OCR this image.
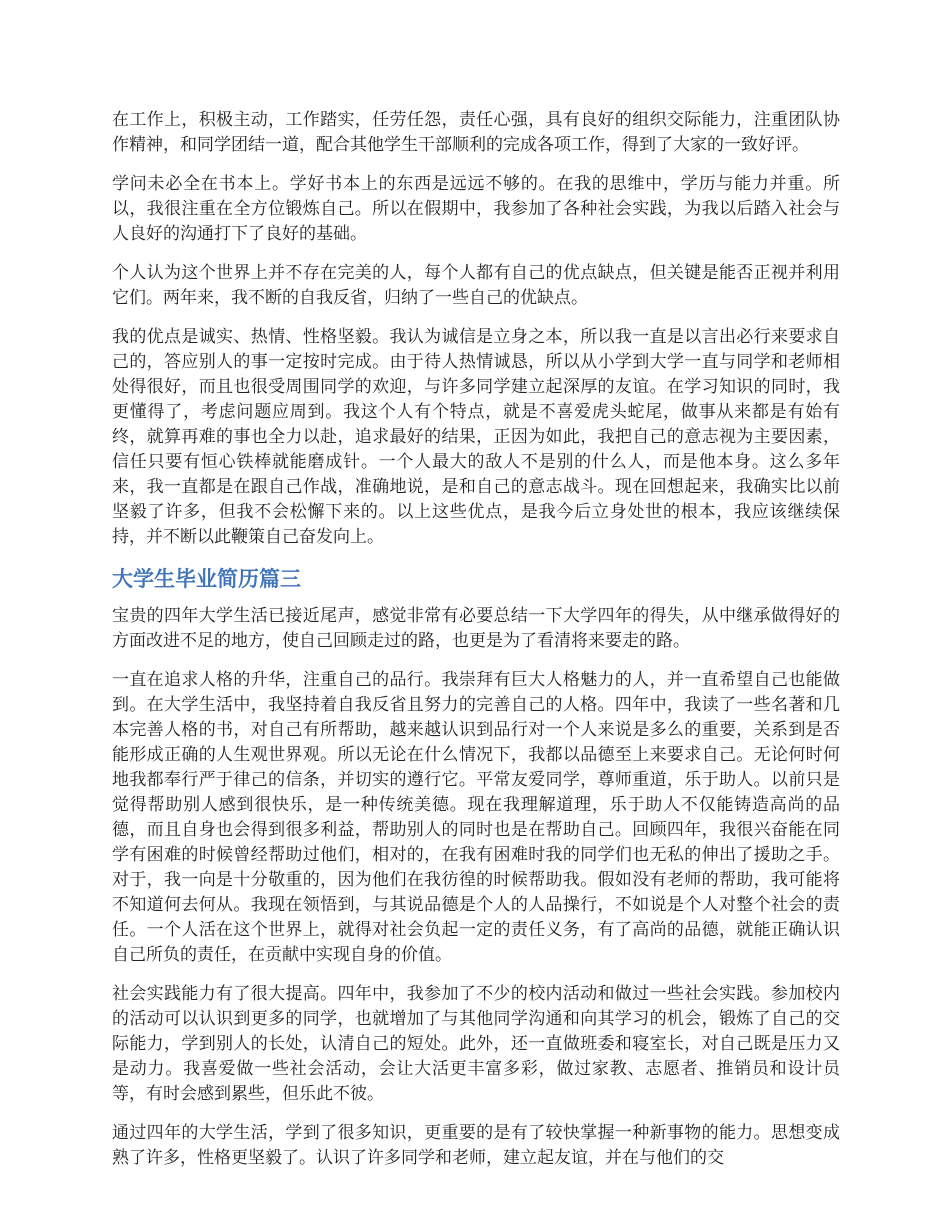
在工作上，积极主动，工作踏实，任劳任怨，责任心强，具有良好的组织交际能力，注重团队协作精神，和同学团结一道，配合其他学生干部顺利的完成各项工作，得到了大家的一致好评。

学问未必全在书本上。学好书本上的东西是远远不够的。在我的思维中，学历与能力并重。所以，我很注重在全方位锻炼自己。所以在假期中，我参加了各种社会实践，为我以后踏入社会与人良好的沟通打下了良好的基础。

个人认为这个世界上并不存在完美的人，每个人都有自己的优点缺点，但关键是能否正视并利用它们。两年来，我不断的自我反省，归纳了一些自己的优缺点。

我的优点是诚实、热情、性格坚毅。我认为诚信是立身之本，所以我一直是以言出必行来要求自己的，答应别人的事一定按时完成。由于待人热情诚恳，所以从小学到大学一直与同学和老师相处得很好，而且也很受周围同学的欢迎，与许多同学建立起深厚的友谊。在学习知识的同时，我更懂得了，考虑问题应周到。我这个人有个特点，就是不喜爱虎头蛇尾，做事从来都是有始有终，就算再难的事也全力以赴，追求最好的结果，正因为如此，我把自己的意志视为主要因素，信任只要有恒心铁棒就能磨成针。一个人最大的敌人不是别的什么人，而是他本身。这么多年来，我一直都是在跟自己作战，准确地说，是和自己的意志战斗。现在回想起来，我确实比以前坚毅了许多，但我不会松懈下来的。以上这些优点，是我今后立身处世的根本，我应该继续保持，并不断以此鞭策自己奋发向上。

大学生毕业简历篇三

宝贵的四年大学生活已接近尾声，感觉非常有必要总结一下大学四年的得失，从中继承做得好的方面改进不足的地方，使自己回顾走过的路，也更是为了看清将来要走的路。

一直在追求人格的升华，注重自己的品行。我崇拜有巨大人格魅力的人，并一直希望自己也能做到。在大学生活中，我坚持着自我反省且努力的完善自己的人格。四年中，我读了一些名著和几本完善人格的书，对自己有所帮助，越来越认识到品行对一个人来说是多么的重要，关系到是否能形成正确的人生观世界观。所以无论在什么情况下，我都以品德至上来要求自己。无论何时何地我都奉行严于律己的信条，并切实的遵行它。平常友爱同学，尊师重道，乐于助人。以前只是觉得帮助别人感到很快乐，是一种传统美德。现在我理解道理，乐于助人不仅能铸造高尚的品德，而且自身也会得到很多利益，帮助别人的同时也是在帮助自己。回顾四年，我很兴奋能在同学有困难的时候曾经帮助过他们，相对的，在我有困难时我的同学们也无私的伸出了援助之手。对于，我一向是十分敬重的，因为他们在我彷徨的时候帮助我。假如没有老师的帮助，我可能将不知道何去何从。我现在领悟到，与其说品德是个人的人品操行，不如说是个人对整个社会的责任。一个人活在这个世界上，就得对社会负起一定的责任义务，有了高尚的品德，就能正确认识自己所负的责任，在贡献中实现自身的价值。

社会实践能力有了很大提高。四年中，我参加了不少的校内活动和做过一些社会实践。参加校内的活动可以认识到更多的同学，也就增加了与其他同学沟通和向其学习的机会，锻炼了自己的交际能力，学到别人的长处，认清自己的短处。此外，还一直做班委和寝室长，对自己既是压力又是动力。我喜爱做一些社会活动，会让大活更丰富多彩，做过家教、志愿者、推销员和设计员等，有时会感到累些，但乐此不彼。

通过四年的大学生活，学到了很多知识，更重要的是有了较快掌握一种新事物的能力。思想变成熟了许多，性格更坚毅了。认识了许多同学和老师，建立起友谊，并在与他们的交
